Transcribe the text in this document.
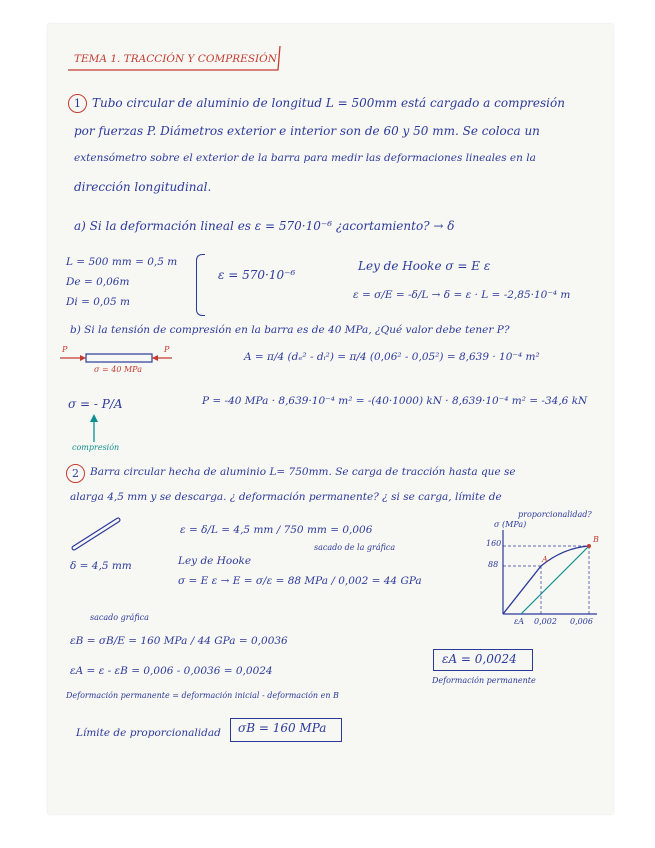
TEMA 1. TRACCIÓN Y COMPRESIÓN
1 Tubo circular de aluminio de longitud L = 500mm está cargado a compresión
por fuerzas P. Diámetros exterior e interior son de 60 y 50 mm. Se coloca un
extensómetro sobre el exterior de la barra para medir las deformaciones lineales en la
dirección longitudinal.
a) Si la deformación lineal es ε = 570·10⁻⁶ ¿acortamiento? → δ
L = 500 mm = 0,5 m
De = 0,06m
Di = 0,05 m
ε = 570·10⁻⁶
Ley de Hooke σ = E ε
ε = σ/E = -δ/L → δ = ε · L = -2,85·10⁻⁴ m
b) Si la tensión de compresión en la barra es de 40 MPa, ¿Qué valor debe tener P?
P	P
σ = 40 MPa
A = π/4 (dₑ² - dᵢ²) = π/4 (0,06² - 0,05²) = 8,639 · 10⁻⁴ m²
σ = - P/A
compresión
P = -40 MPa · 8,639·10⁻⁴ m² = -(40·1000) kN · 8,639·10⁻⁴ m² = -34,6 kN
2	Barra circular hecha de aluminio L= 750mm. Se carga de tracción hasta que se
alarga 4,5 mm y se descarga. ¿ deformación permanente? ¿ si se carga, límite de
proporcionalidad?
δ = 4,5 mm
ε = δ/L = 4,5 mm / 750 mm = 0,006
Ley de Hooke
sacado de la gráfica
σ = E ε → E = σ/ε = 88 MPa / 0,002 = 44 GPa
σ (MPa)
160
88
εA 0,002 0,006
B
A
sacado gráfica
εB = σB/E = 160 MPa / 44 GPa = 0,0036
εA = ε - εB = 0,006 - 0,0036 = 0,0024
εA = 0,0024
Deformación permanente
Deformación permanente = deformación inicial - deformación en B
Límite de proporcionalidad σB = 160 MPa
